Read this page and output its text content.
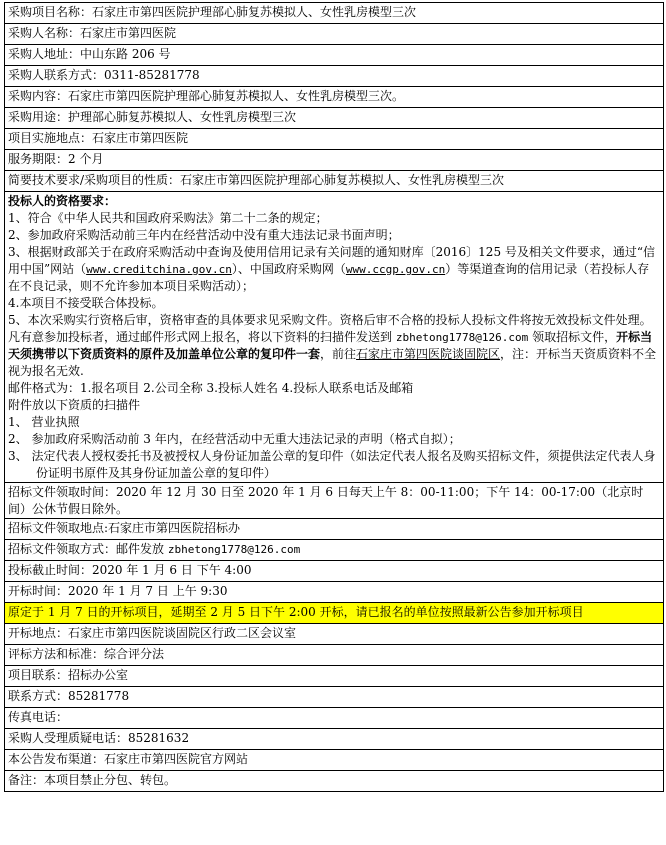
采购项目名称：石家庄市第四医院护理部心肺复苏模拟人、女性乳房模型三次
采购人名称：石家庄市第四医院
采购人地址：中山东路 206 号
采购人联系方式：0311-85281778
采购内容：石家庄市第四医院护理部心肺复苏模拟人、女性乳房模型三次。
采购用途：护理部心肺复苏模拟人、女性乳房模型三次
项目实施地点：石家庄市第四医院
服务期限：2 个月
简要技术要求/采购项目的性质：石家庄市第四医院护理部心肺复苏模拟人、女性乳房模型三次

投标人的资格要求：
1、符合《中华人民共和国政府采购法》第二十二条的规定；
2、参加政府采购活动前三年内在经营活动中没有重大违法记录书面声明；
3、根据财政部关于在政府采购活动中查询及使用信用记录有关问题的通知财库〔2016〕125 号及相关文件要求，通过“信用中国”网站（www.creditchina.gov.cn）、中国政府采购网（www.ccgp.gov.cn）等渠道查询的信用记录（若投标人存在不良记录，则不允许参加本项目采购活动）；
4.本项目不接受联合体投标。
5、本次采购实行资格后审，资格审查的具体要求见采购文件。资格后审不合格的投标人投标文件将按无效投标文件处理。
凡有意参加投标者，通过邮件形式网上报名，将以下资料的扫描件发送到 zbhetong1778@126.com 领取招标文件，开标当天须携带以下资质资料的原件及加盖单位公章的复印件一套，前往石家庄市第四医院谈固院区，注：开标当天资质资料不全视为报名无效.
邮件格式为：1.报名项目 2.公司全称 3.投标人姓名 4.投标人联系电话及邮箱
附件放以下资质的扫描件
1、 营业执照
2、 参加政府采购活动前 3 年内，在经营活动中无重大违法记录的声明（格式自拟）；
3、 法定代表人授权委托书及被授权人身份证加盖公章的复印件（如法定代表人报名及购买招标文件，须提供法定代表人身份证明书原件及其身份证加盖公章的复印件）

招标文件领取时间：2020 年 12 月 30 日至 2020 年 1 月 6 日每天上午 8：00-11:00；下午 14：00-17:00（北京时间）公休节假日除外。
招标文件领取地点:石家庄市第四医院招标办
招标文件领取方式：邮件发放 zbhetong1778@126.com
投标截止时间：2020 年 1 月 6 日 下午 4:00
开标时间：2020 年 1 月 7 日 上午 9:30
原定于 1 月 7 日的开标项目，延期至 2 月 5 日下午 2:00 开标，请已报名的单位按照最新公告参加开标项目
开标地点：石家庄市第四医院谈固院区行政二区会议室
评标方法和标准：综合评分法
项目联系：招标办公室
联系方式：85281778
传真电话：
采购人受理质疑电话：85281632
本公告发布渠道：石家庄市第四医院官方网站
备注：本项目禁止分包、转包。
